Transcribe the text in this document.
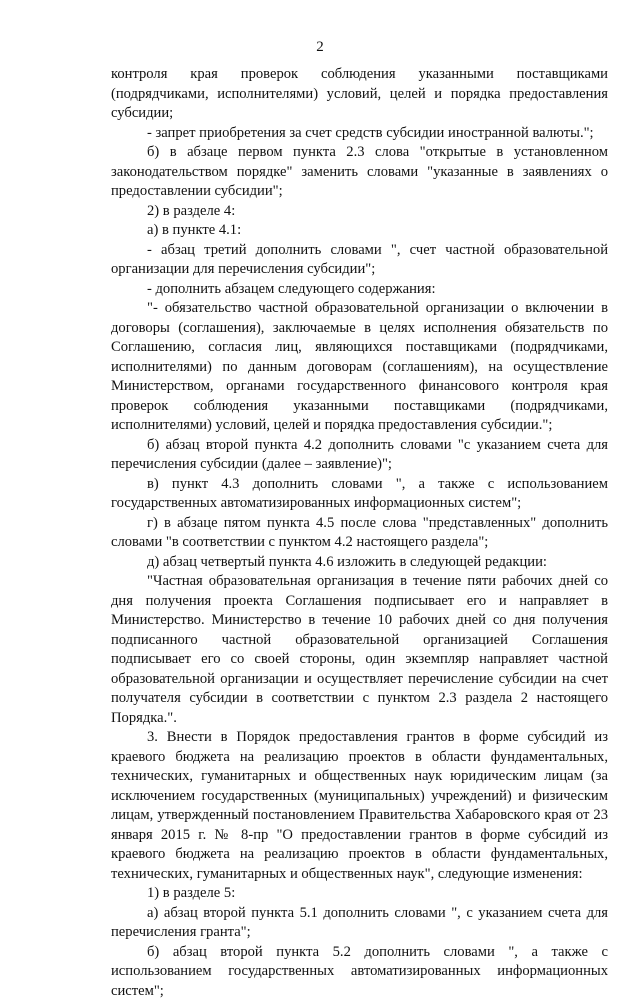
2

контроля края проверок соблюдения указанными поставщиками (подрядчиками, исполнителями) условий, целей и порядка предоставления субсидии;

- запрет приобретения за счет средств субсидии иностранной валюты.";

б) в абзаце первом пункта 2.3 слова "открытые в установленном законодательством порядке" заменить словами "указанные в заявлениях о предоставлении субсидии";

2) в разделе 4:

а) в пункте 4.1:

- абзац третий дополнить словами ", счет частной образовательной организации для перечисления субсидии";

- дополнить абзацем следующего содержания:

"- обязательство частной образовательной организации о включении в договоры (соглашения), заключаемые в целях исполнения обязательств по Соглашению, согласия лиц, являющихся поставщиками (подрядчиками, исполнителями) по данным договорам (соглашениям), на осуществление Министерством, органами государственного финансового контроля края проверок соблюдения указанными поставщиками (подрядчиками, исполнителями) условий, целей и порядка предоставления субсидии.";

б) абзац второй пункта 4.2 дополнить словами "с указанием счета для перечисления субсидии (далее – заявление)";

в) пункт 4.3 дополнить словами ", а также с использованием государственных автоматизированных информационных систем";

г) в абзаце пятом пункта 4.5 после слова "представленных" дополнить словами "в соответствии с пунктом 4.2 настоящего раздела";

д) абзац четвертый пункта 4.6 изложить в следующей редакции:

"Частная образовательная организация в течение пяти рабочих дней со дня получения проекта Соглашения подписывает его и направляет в Министерство. Министерство в течение 10 рабочих дней со дня получения подписанного частной образовательной организацией Соглашения подписывает его со своей стороны, один экземпляр направляет частной образовательной организации и осуществляет перечисление субсидии на счет получателя субсидии в соответствии с пунктом 2.3 раздела 2 настоящего Порядка.".

3. Внести в Порядок предоставления грантов в форме субсидий из краевого бюджета на реализацию проектов в области фундаментальных, технических, гуманитарных и общественных наук юридическим лицам (за исключением государственных (муниципальных) учреждений) и физическим лицам, утвержденный постановлением Правительства Хабаровского края от 23 января 2015 г. № 8-пр "О предоставлении грантов в форме субсидий из краевого бюджета на реализацию проектов в области фундаментальных, технических, гуманитарных и общественных наук", следующие изменения:

1) в разделе 5:

а) абзац второй пункта 5.1 дополнить словами ", с указанием счета для перечисления гранта";

б) абзац второй пункта 5.2 дополнить словами ", а также с использованием государственных автоматизированных информационных систем";
